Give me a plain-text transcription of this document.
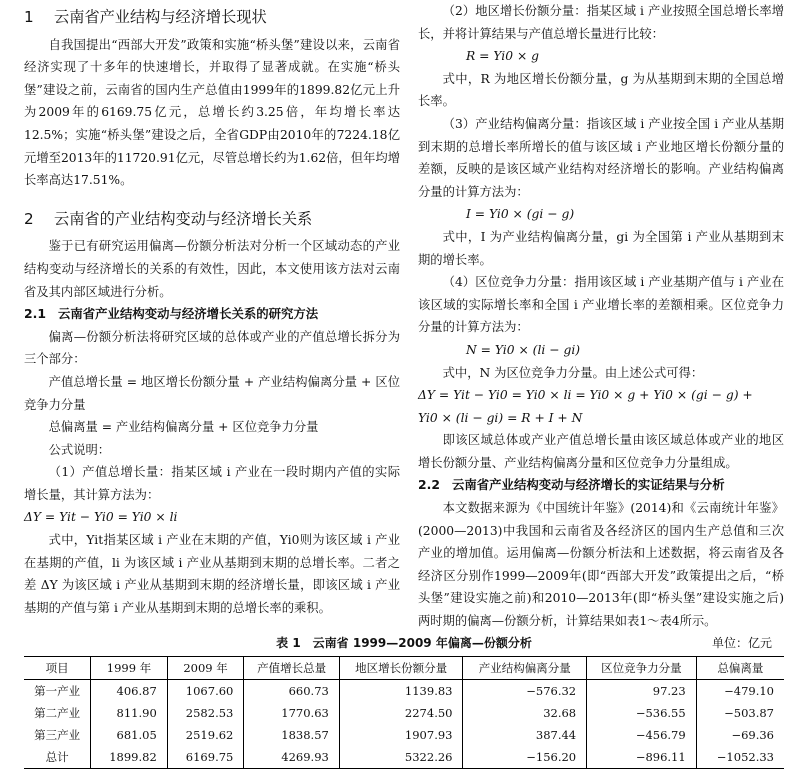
1 云南省产业结构与经济增长现状

自我国提出“西部大开发”政策和实施“桥头堡”建设以来，云南省经济实现了十多年的快速增长，并取得了显著成就。在实施“桥头堡”建设之前，云南省的国内生产总值由1999年的1899.82亿元上升为2009年的6169.75亿元，总增长约3.25倍，年均增长率达12.5%；实施“桥头堡”建设之后，全省GDP由2010年的7224.18亿元增至2013年的11720.91亿元，尽管总增长约为1.62倍，但年均增长率高达17.51%。

2 云南省的产业结构变动与经济增长关系

鉴于已有研究运用偏离—份额分析法对分析一个区域动态的产业结构变动与经济增长的关系的有效性，因此，本文使用该方法对云南省及其内部区域进行分析。

2.1 云南省产业结构变动与经济增长关系的研究方法

偏离—份额分析法将研究区域的总体或产业的产值总增长拆分为三个部分：

产值总增长量 = 地区增长份额分量 + 产业结构偏离分量 + 区位竞争力分量

总偏离量 = 产业结构偏离分量 + 区位竞争力分量

公式说明：

（1）产值总增长量：指某区域 i 产业在一段时期内产值的实际增长量，其计算方法为：

ΔY = Yit − Yi0 = Yi0 × li

式中，Yit指某区域 i 产业在末期的产值，Yi0则为该区域 i 产业在基期的产值，li 为该区域 i 产业从基期到末期的总增长率。二者之差 ΔY 为该区域 i 产业从基期到末期的经济增长量，即该区域 i 产业基期的产值与第 i 产业从基期到末期的总增长率的乘积。

（2）地区增长份额分量：指某区域 i 产业按照全国总增长率增长，并将计算结果与产值总增长量进行比较：

R = Yi0 × g

式中，R 为地区增长份额分量，g 为从基期到末期的全国总增长率。

（3）产业结构偏离分量：指该区域 i 产业按全国 i 产业从基期到末期的总增长率所增长的值与该区域 i 产业地区增长份额分量的差额，反映的是该区域产业结构对经济增长的影响。产业结构偏离分量的计算方法为：

I = Yi0 × (gi − g)

式中，I 为产业结构偏离分量，gi 为全国第 i 产业从基期到末期的增长率。

（4）区位竞争力分量：指用该区域 i 产业基期产值与 i 产业在该区域的实际增长率和全国 i 产业增长率的差额相乘。区位竞争力分量的计算方法为：

N = Yi0 × (li − gi)

式中，N 为区位竞争力分量。由上述公式可得：

ΔY = Yit − Yi0 = Yi0 × li = Yi0 × g + Yi0 × (gi − g) +
Yi0 × (li − gi) = R + I + N

即该区域总体或产业产值总增长量由该区域总体或产业的地区增长份额分量、产业结构偏离分量和区位竞争力分量组成。

2.2 云南省产业结构变动与经济增长的实证结果与分析

本文数据来源为《中国统计年鉴》(2014)和《云南统计年鉴》(2000—2013)中我国和云南省及各经济区的国内生产总值和三次产业的增加值。运用偏离—份额分析法和上述数据，将云南省及各经济区分别作1999—2009年(即“西部大开发”政策提出之后，“桥头堡”建设实施之前)和2010—2013年(即“桥头堡”建设实施之后)两时期的偏离—份额分析，计算结果如表1～表4所示。

表 1　云南省 1999—2009 年偏离—份额分析	单位：亿元
项目	1999 年	2009 年	产值增长总量	地区增长份额分量	产业结构偏离分量	区位竞争力分量	总偏离量
第一产业	406.87	1067.60	660.73	1139.83	−576.32	97.23	−479.10
第二产业	811.90	2582.53	1770.63	2274.50	32.68	−536.55	−503.87
第三产业	681.05	2519.62	1838.57	1907.93	387.44	−456.79	−69.36
总计	1899.82	6169.75	4269.93	5322.26	−156.20	−896.11	−1052.33
